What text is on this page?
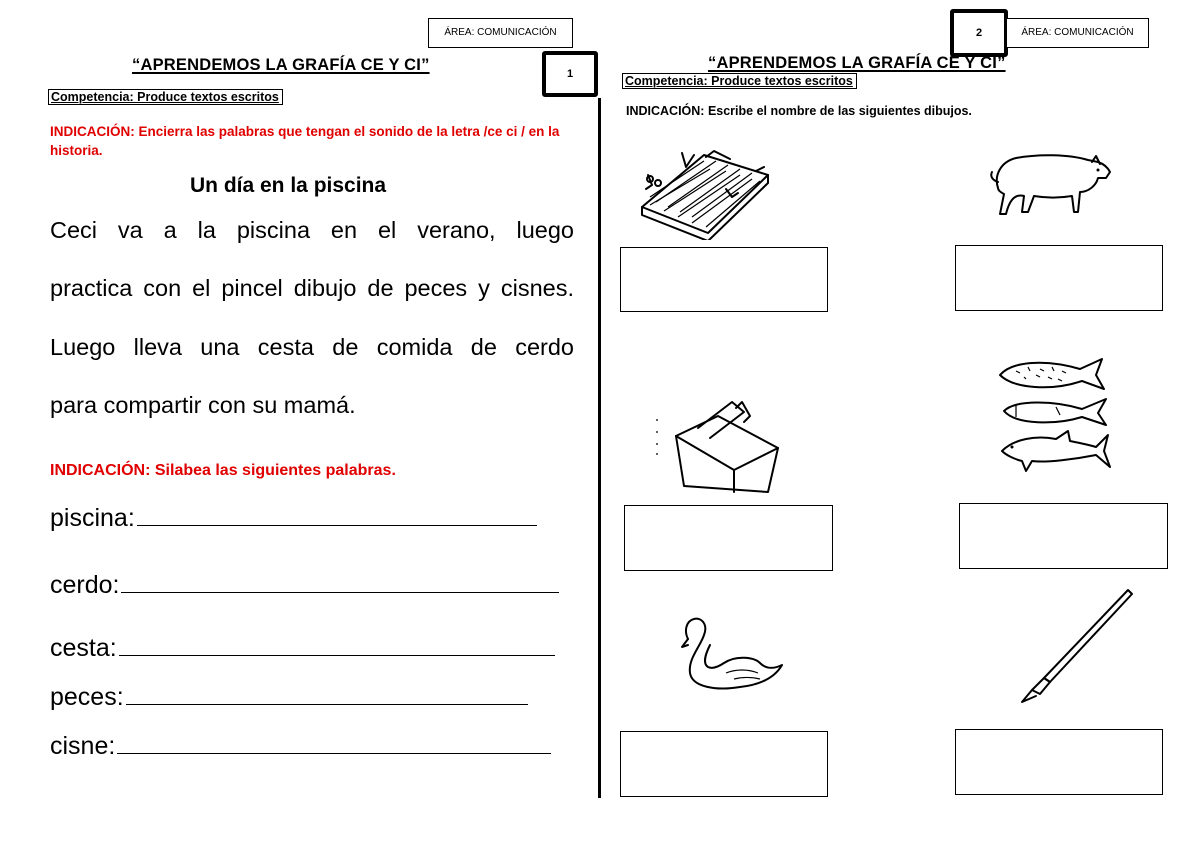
ÁREA: COMUNICACIÓN
“APRENDEMOS LA GRAFÍA CE Y CI”	1
Competencia: Produce textos escritos
INDICACIÓN: Encierra las palabras que tengan el sonido de la letra /ce ci / en la historia.
Un día en la piscina
Ceci va a la piscina en el verano, luego
practica con el pincel dibujo de peces y cisnes.
Luego lleva una cesta de comida de cerdo
para compartir con su mamá.
INDICACIÓN: Silabea las siguientes palabras.
piscina:
cerdo:
cesta:
peces:
cisne:
2	ÁREA: COMUNICACIÓN
“APRENDEMOS LA GRAFÍA CE Y CI”
Competencia: Produce textos escritos
INDICACIÓN: Escribe el nombre de las siguientes dibujos.
